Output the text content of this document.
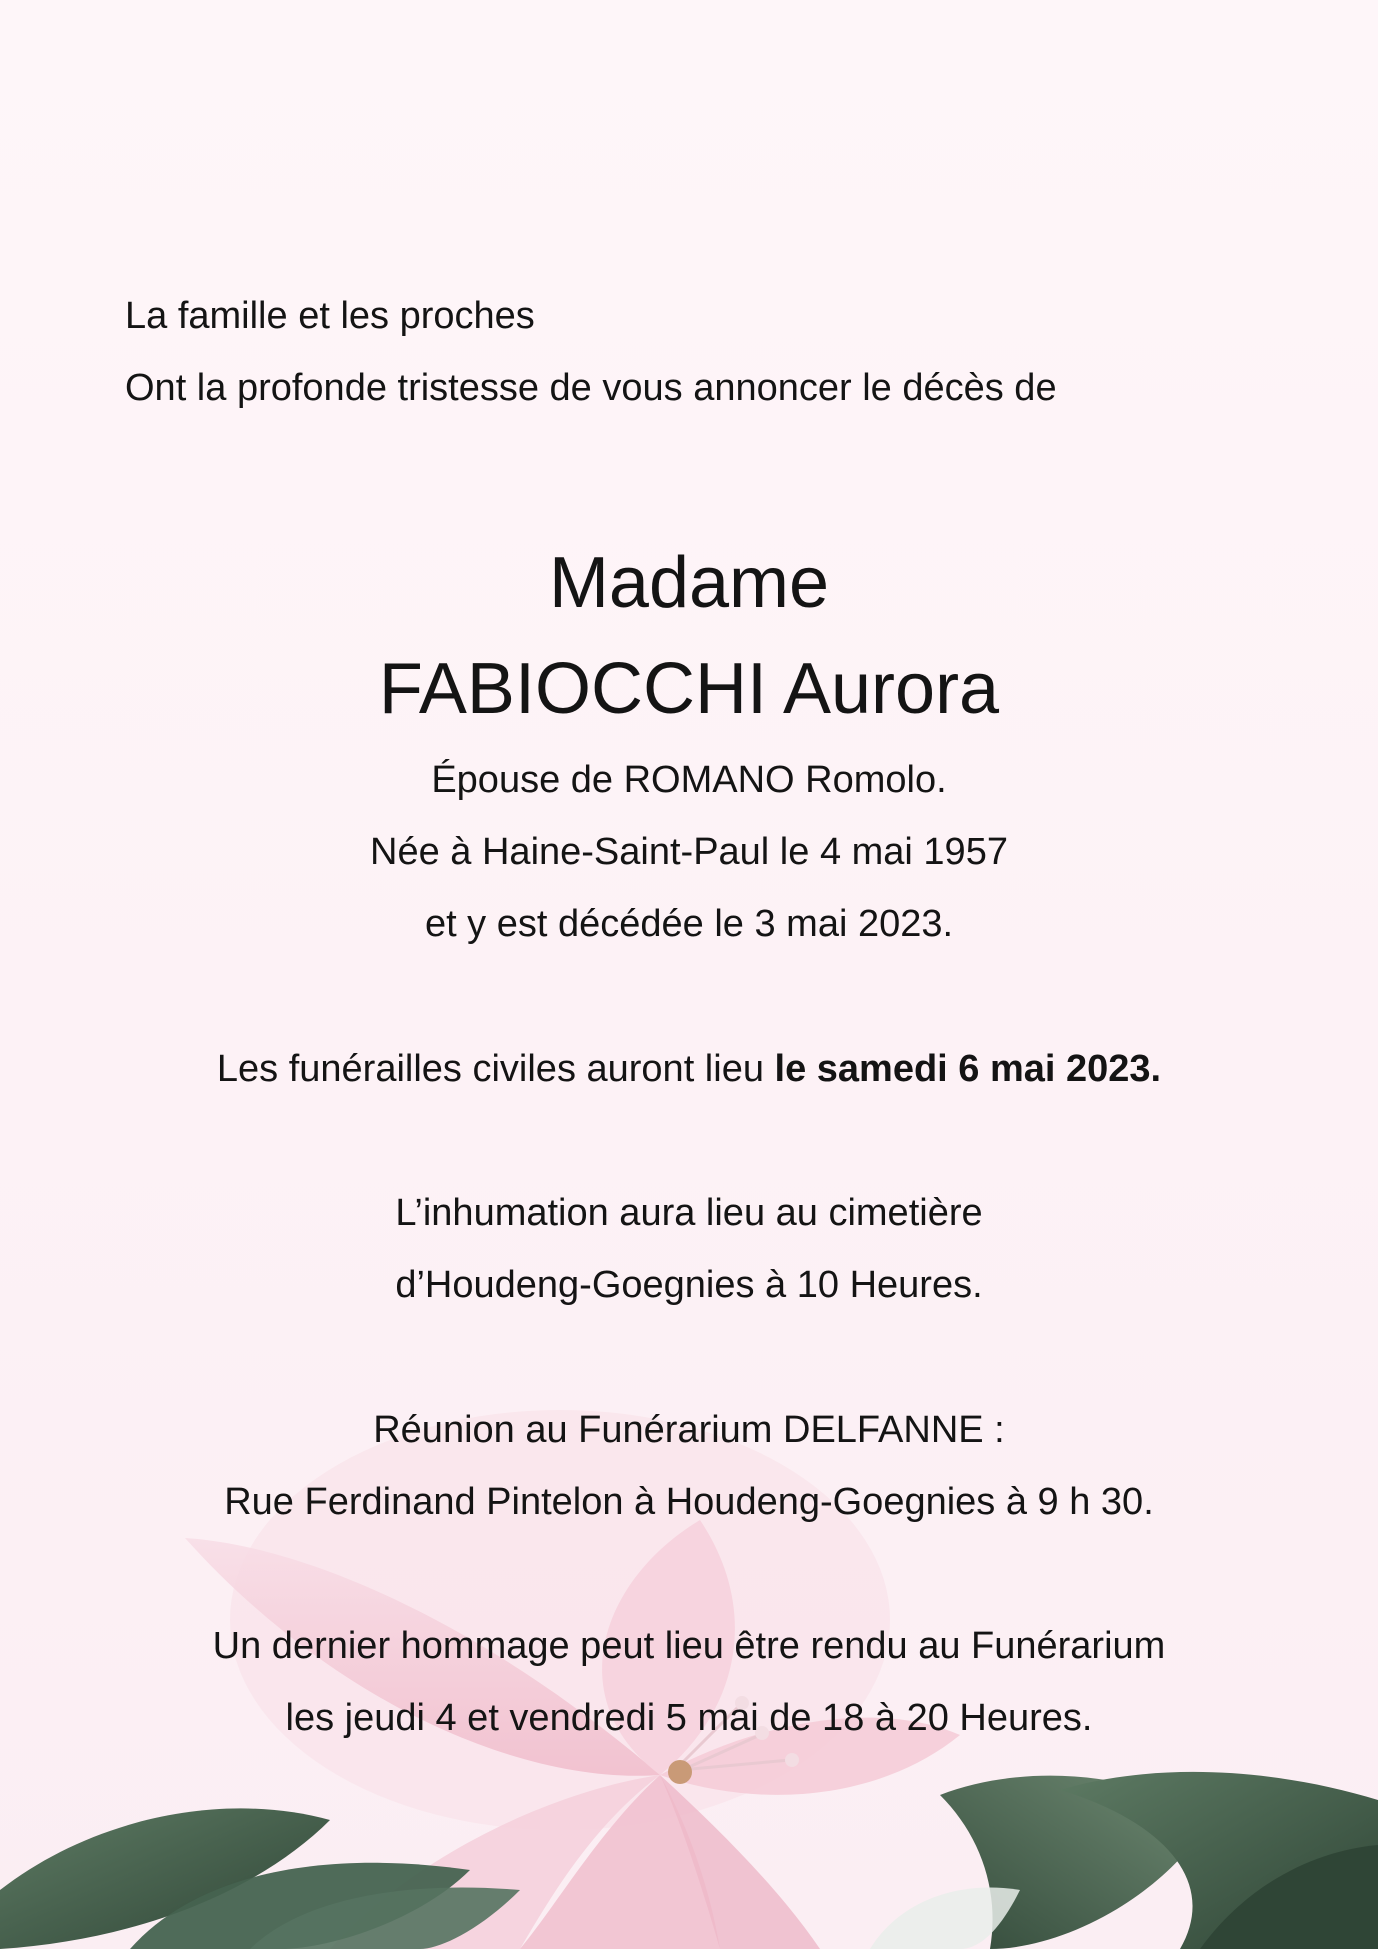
La famille et les proches
Ont la profonde tristesse de vous annoncer le décès de
Madame
FABIOCCHI Aurora
Épouse de ROMANO Romolo.
Née à Haine-Saint-Paul le 4 mai 1957
et y est décédée le 3 mai 2023.
Les funérailles civiles auront lieu le samedi 6 mai 2023.
L’inhumation aura lieu au cimetière
d’Houdeng-Goegnies à 10 Heures.
Réunion au Funérarium DELFANNE :
Rue Ferdinand Pintelon à Houdeng-Goegnies à 9 h 30.
Un dernier hommage peut lieu être rendu au Funérarium
les jeudi 4 et vendredi 5 mai de 18 à 20 Heures.
